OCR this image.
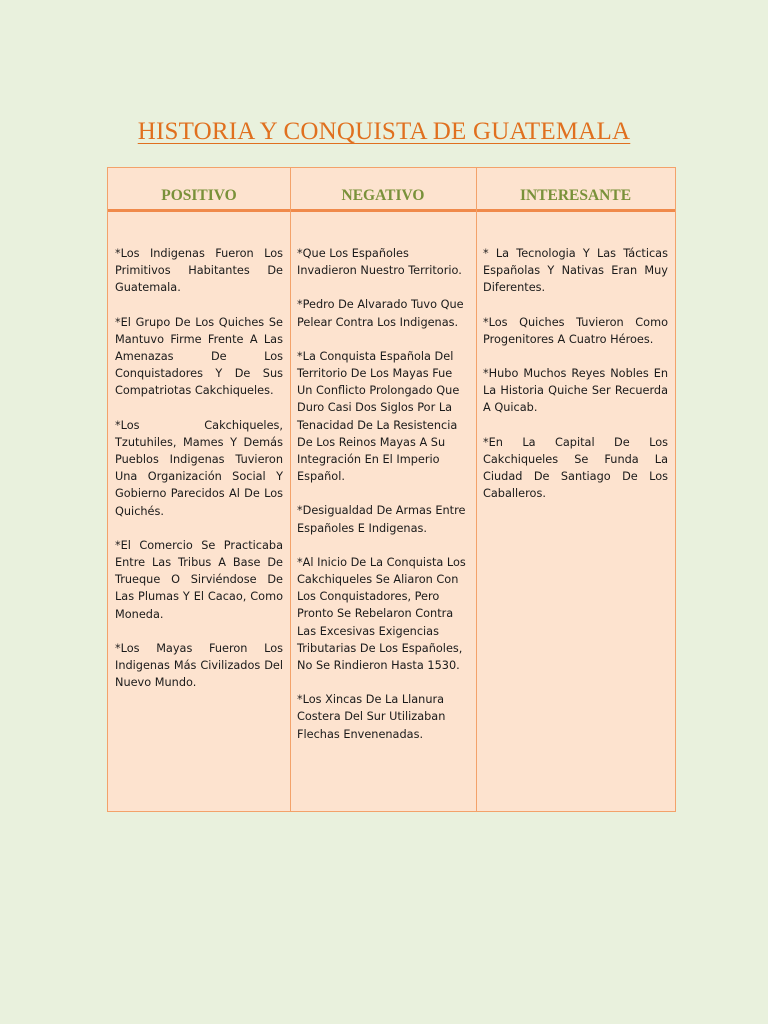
HISTORIA Y CONQUISTA DE GUATEMALA
POSITIVO	NEGATIVO	INTERESANTE

*Los Indigenas Fueron Los Primitivos Habitantes De Guatemala.

*El Grupo De Los Quiches Se Mantuvo Firme Frente A Las Amenazas De Los Conquistadores Y De Sus Compatriotas Cakchiqueles.

*Los Cakchiqueles, Tzutuhiles, Mames Y Demás Pueblos Indigenas Tuvieron Una Organización Social Y Gobierno Parecidos Al De Los Quichés.

*El Comercio Se Practicaba Entre Las Tribus A Base De Trueque O Sirviéndose De Las Plumas Y El Cacao, Como Moneda.

*Los Mayas Fueron Los Indigenas Más Civilizados Del Nuevo Mundo.

*Que Los Españoles Invadieron Nuestro Territorio.

*Pedro De Alvarado Tuvo Que Pelear Contra Los Indigenas.

*La Conquista Española Del Territorio De Los Mayas Fue Un Conflicto Prolongado Que Duro Casi Dos Siglos Por La Tenacidad De La Resistencia De Los Reinos Mayas A Su Integración En El Imperio Español.

*Desigualdad De Armas Entre Españoles E Indigenas.

*Al Inicio De La Conquista Los Cakchiqueles Se Aliaron Con Los Conquistadores, Pero Pronto Se Rebelaron Contra Las Excesivas Exigencias Tributarias De Los Españoles, No Se Rindieron Hasta 1530.

*Los Xincas De La Llanura Costera Del Sur Utilizaban Flechas Envenenadas.

* La Tecnologia Y Las Tácticas Españolas Y Nativas Eran Muy Diferentes.

*Los Quiches Tuvieron Como Progenitores A Cuatro Héroes.

*Hubo Muchos Reyes Nobles En La Historia Quiche Ser Recuerda A Quicab.

*En La Capital De Los Cakchiqueles Se Funda La Ciudad De Santiago De Los Caballeros.
